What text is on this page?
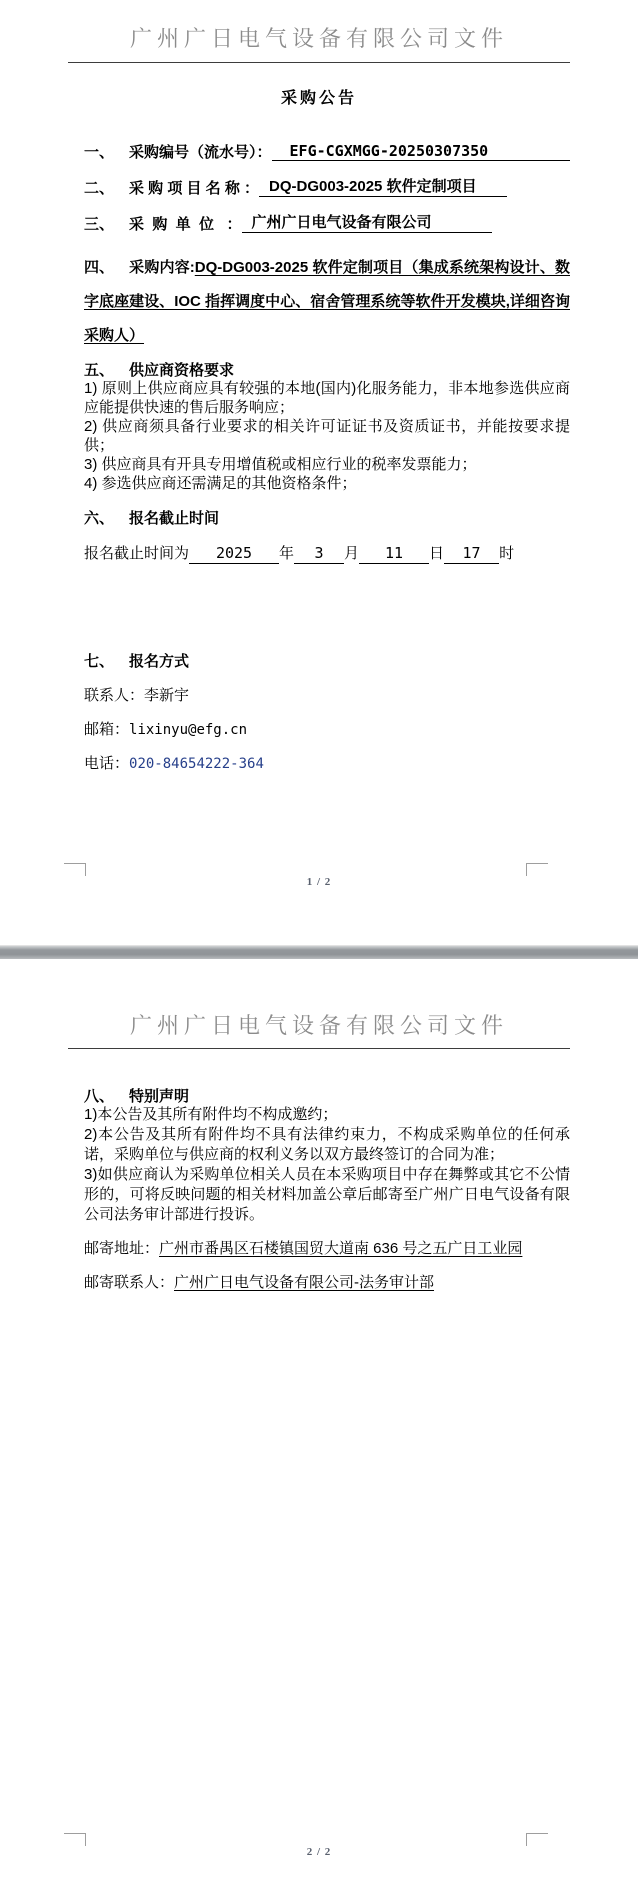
广州广日电气设备有限公司文件
采购公告
一、 采购编号（流水号）：	EFG-CGXMGG-20250307350
二、 采 购 项 目 名 称 ： DQ-DG003-2025 软件定制项目
三、 采  购  单  位   ： 广州广日电气设备有限公司
四、 采购内容:DQ-DG003-2025 软件定制项目（集成系统架构设计、数字底座建设、IOC 指挥调度中心、宿舍管理系统等软件开发模块,详细咨询采购人）
五、 供应商资格要求

1) 原则上供应商应具有较强的本地(国内)化服务能力，非本地参选供应商应能提供快速的售后服务响应；

2) 供应商须具备行业要求的相关许可证证书及资质证书，并能按要求提供；

3) 供应商具有开具专用增值税或相应行业的税率发票能力；

4) 参选供应商还需满足的其他资格条件；

六、 报名截止时间
报名截止时间为 2025 年 3 月 11 日 17 时
七、 报名方式
联系人：李新宇
邮箱：lixinyu@efg.cn
电话：020-84654222-364
1 / 2
广州广日电气设备有限公司文件
八、 特别声明

1)本公告及其所有附件均不构成邀约；

2)本公告及其所有附件均不具有法律约束力，不构成采购单位的任何承诺，采购单位与供应商的权利义务以双方最终签订的合同为准；

3)如供应商认为采购单位相关人员在本采购项目中存在舞弊或其它不公情形的，可将反映问题的相关材料加盖公章后邮寄至广州广日电气设备有限公司法务审计部进行投诉。

邮寄地址：广州市番禺区石楼镇国贸大道南 636 号之五广日工业园
邮寄联系人：广州广日电气设备有限公司-法务审计部
2 / 2
